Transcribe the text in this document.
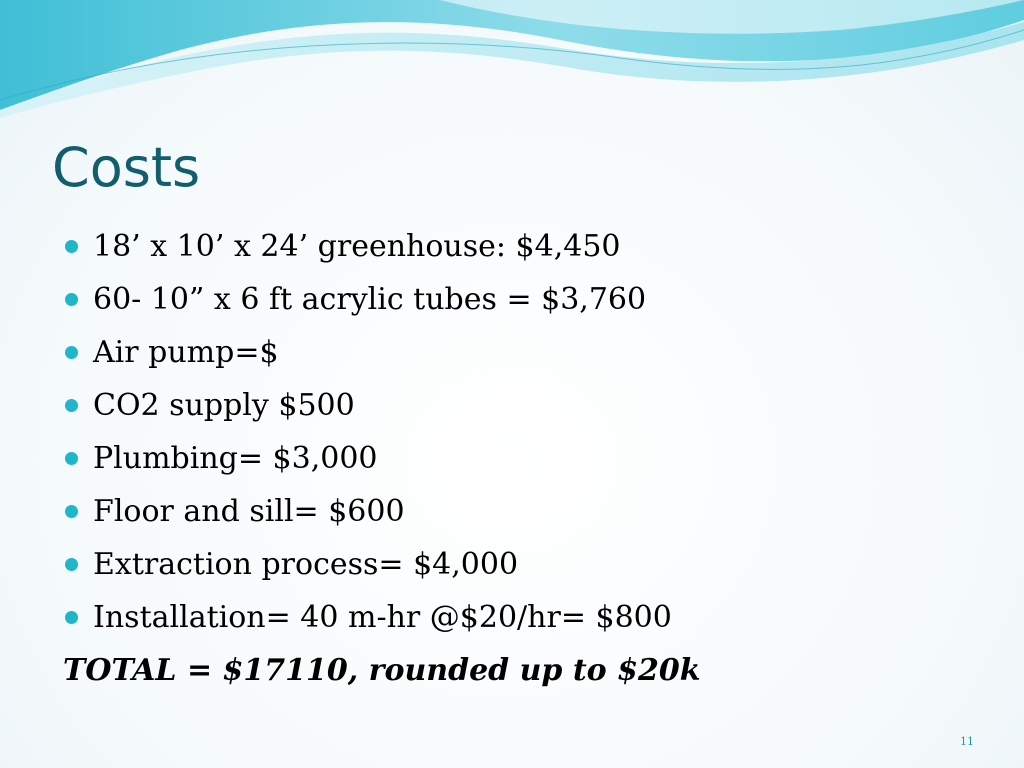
Costs
18’ x 10’ x 24’ greenhouse: $4,450
60- 10” x 6 ft acrylic tubes = $3,760
Air pump=$
CO2 supply $500
Plumbing= $3,000
Floor and sill= $600
Extraction process= $4,000
Installation= 40 m-hr @$20/hr= $800
TOTAL = $17110, rounded up to $20k
11
